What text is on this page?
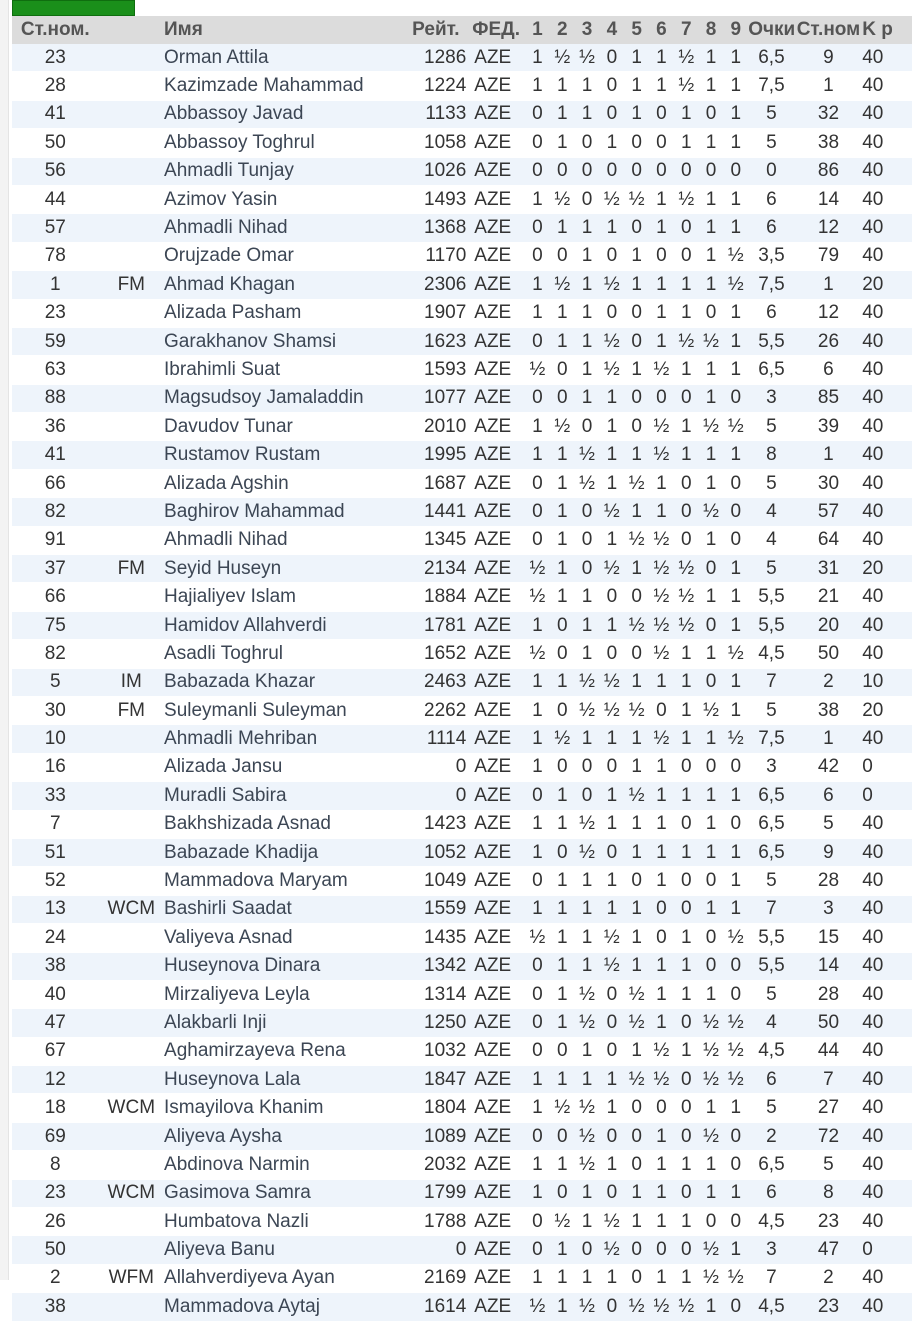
Ст.ном.		Имя	Рейт.	ФЕД.	1	2	3	4	5	6	7	8	9	Очки	Ст.ном	K р
23		Orman Attila	1286	AZE	1	½	½	0	1	1	½	1	1	6,5	9	40
28		Kazimzade Mahammad	1224	AZE	1	1	1	0	1	1	½	1	1	7,5	1	40
41		Abbassoy Javad	1133	AZE	0	1	1	0	1	0	1	0	1	5	32	40
50		Abbassoy Toghrul	1058	AZE	0	1	0	1	0	0	1	1	1	5	38	40
56		Ahmadli Tunjay	1026	AZE	0	0	0	0	0	0	0	0	0	0	86	40
44		Azimov Yasin	1493	AZE	1	½	0	½	½	1	½	1	1	6	14	40
57		Ahmadli Nihad	1368	AZE	0	1	1	1	0	1	0	1	1	6	12	40
78		Orujzade Omar	1170	AZE	0	0	1	0	1	0	0	1	½	3,5	79	40
1	FM	Ahmad Khagan	2306	AZE	1	½	1	½	1	1	1	1	½	7,5	1	20
23		Alizada Pasham	1907	AZE	1	1	1	0	0	1	1	0	1	6	12	40
59		Garakhanov Shamsi	1623	AZE	0	1	1	½	0	1	½	½	1	5,5	26	40
63		Ibrahimli Suat	1593	AZE	½	0	1	½	1	½	1	1	1	6,5	6	40
88		Magsudsoy Jamaladdin	1077	AZE	0	0	1	1	0	0	0	1	0	3	85	40
36		Davudov Tunar	2010	AZE	1	½	0	1	0	½	1	½	½	5	39	40
41		Rustamov Rustam	1995	AZE	1	1	½	1	1	½	1	1	1	8	1	40
66		Alizada Agshin	1687	AZE	0	1	½	1	½	1	0	1	0	5	30	40
82		Baghirov Mahammad	1441	AZE	0	1	0	½	1	1	0	½	0	4	57	40
91		Ahmadli Nihad	1345	AZE	0	1	0	1	½	½	0	1	0	4	64	40
37	FM	Seyid Huseyn	2134	AZE	½	1	0	½	1	½	½	0	1	5	31	20
66		Hajialiyev Islam	1884	AZE	½	1	1	0	0	½	½	1	1	5,5	21	40
75		Hamidov Allahverdi	1781	AZE	1	0	1	1	½	½	½	0	1	5,5	20	40
82		Asadli Toghrul	1652	AZE	½	0	1	0	0	½	1	1	½	4,5	50	40
5	IM	Babazada Khazar	2463	AZE	1	1	½	½	1	1	1	0	1	7	2	10
30	FM	Suleymanli Suleyman	2262	AZE	1	0	½	½	½	0	1	½	1	5	38	20
10		Ahmadli Mehriban	1114	AZE	1	½	1	1	1	½	1	1	½	7,5	1	40
16		Alizada Jansu	0	AZE	1	0	0	0	1	1	0	0	0	3	42	0
33		Muradli Sabira	0	AZE	0	1	0	1	½	1	1	1	1	6,5	6	0
7		Bakhshizada Asnad	1423	AZE	1	1	½	1	1	1	0	1	0	6,5	5	40
51		Babazade Khadija	1052	AZE	1	0	½	0	1	1	1	1	1	6,5	9	40
52		Mammadova Maryam	1049	AZE	0	1	1	1	0	1	0	0	1	5	28	40
13	WCM	Bashirli Saadat	1559	AZE	1	1	1	1	1	0	0	1	1	7	3	40
24		Valiyeva Asnad	1435	AZE	½	1	1	½	1	0	1	0	½	5,5	15	40
38		Huseynova Dinara	1342	AZE	0	1	1	½	1	1	1	0	0	5,5	14	40
40		Mirzaliyeva Leyla	1314	AZE	0	1	½	0	½	1	1	1	0	5	28	40
47		Alakbarli Inji	1250	AZE	0	1	½	0	½	1	0	½	½	4	50	40
67		Aghamirzayeva Rena	1032	AZE	0	0	1	0	1	½	1	½	½	4,5	44	40
12		Huseynova Lala	1847	AZE	1	1	1	1	½	½	0	½	½	6	7	40
18	WCM	Ismayilova Khanim	1804	AZE	1	½	½	1	0	0	0	1	1	5	27	40
69		Aliyeva Aysha	1089	AZE	0	0	½	0	0	1	0	½	0	2	72	40
8		Abdinova Narmin	2032	AZE	1	1	½	1	0	1	1	1	0	6,5	5	40
23	WCM	Gasimova Samra	1799	AZE	1	0	1	0	1	1	0	1	1	6	8	40
26		Humbatova Nazli	1788	AZE	0	½	1	½	1	1	1	0	0	4,5	23	40
50		Aliyeva Banu	0	AZE	0	1	0	½	0	0	0	½	1	3	47	0
2	WFM	Allahverdiyeva Ayan	2169	AZE	1	1	1	1	0	1	1	½	½	7	2	40
38		Mammadova Aytaj	1614	AZE	½	1	½	0	½	½	½	1	0	4,5	23	40
